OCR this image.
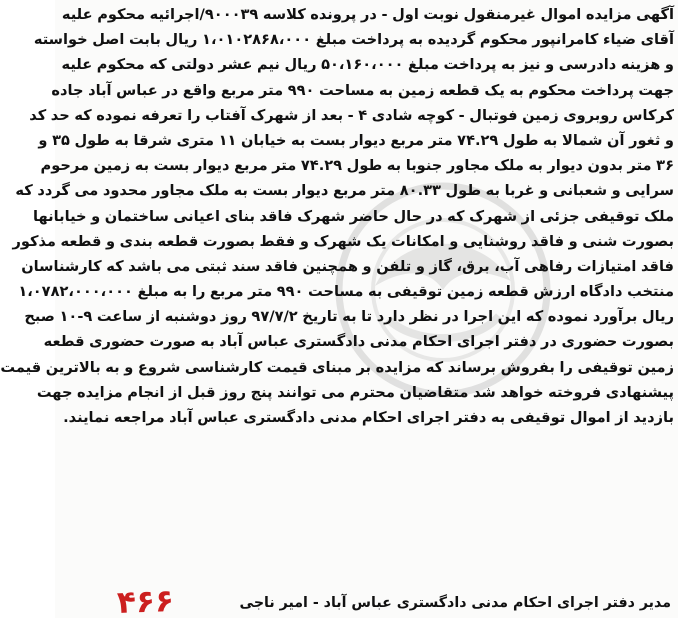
آگهی مزایده اموال غیرمنقول نوبت اول - در پرونده کلاسه ۹۰۰۰۳۹/اجرائیه محکوم علیه
آقای ضیاء کامرانپور محکوم گردیده به پرداخت مبلغ ۱،۰۱۰۲۸۶۸،۰۰۰ ریال بابت اصل خواسته
و هزینه دادرسی و نیز به پرداخت مبلغ ۵۰،۱۶۰،۰۰۰ ریال نیم عشر دولتی که محکوم علیه
جهت پرداخت محکوم به یک قطعه زمین به مساحت ۹۹۰ متر مربع واقع در عباس آباد جاده
کرکاس روبروی زمین فوتبال - کوچه شادی ۴ - بعد از شهرک آفتاب را تعرفه نموده که حد کد
و ثغور آن شمالا به طول ۷۴.۲۹ متر مربع دیوار بست به خیابان ۱۱ متری شرقا به طول ۳۵ و
۳۶ متر بدون دیوار به ملک مجاور جنوبا به طول ۷۴.۲۹ متر مربع دیوار بست به زمین مرحوم
سرایی و شعبانی و غربا به طول ۸۰.۳۳ متر مربع دیوار بست به ملک مجاور محدود می گردد که
ملک توقیفی جزئی از شهرک که در حال حاضر شهرک فاقد بنای اعیانی ساختمان و خیابانها
بصورت شنی و فاقد روشنایی و امکانات یک شهرک و فقط بصورت قطعه بندی و قطعه مذکور
فاقد امتیازات رفاهی آب، برق، گاز و تلفن و همچنین فاقد سند ثبتی می باشد که کارشناسان
منتخب دادگاه ارزش قطعه زمین توقیفی به مساحت ۹۹۰ متر مربع را به مبلغ ۱،۰۷۸۲،۰۰۰،۰۰۰
ریال برآورد نموده که این اجرا در نظر دارد تا به تاریخ ۹۷/۷/۲ روز دوشنبه از ساعت ۹-۱۰ صبح
بصورت حضوری در دفتر اجرای احکام مدنی دادگستری عباس آباد به صورت حضوری قطعه
زمین توقیفی را بفروش برساند که مزایده بر مبنای قیمت کارشناسی شروع و به بالاترین قیمت
پیشنهادی فروخته خواهد شد متقاضیان محترم می توانند پنج روز قبل از انجام مزایده جهت
بازدید از اموال توقیفی به دفتر اجرای احکام مدنی دادگستری عباس آباد مراجعه نمایند.
مدیر دفتر اجرای احکام مدنی دادگستری عباس آباد - امیر ناجی
۴۶۶
